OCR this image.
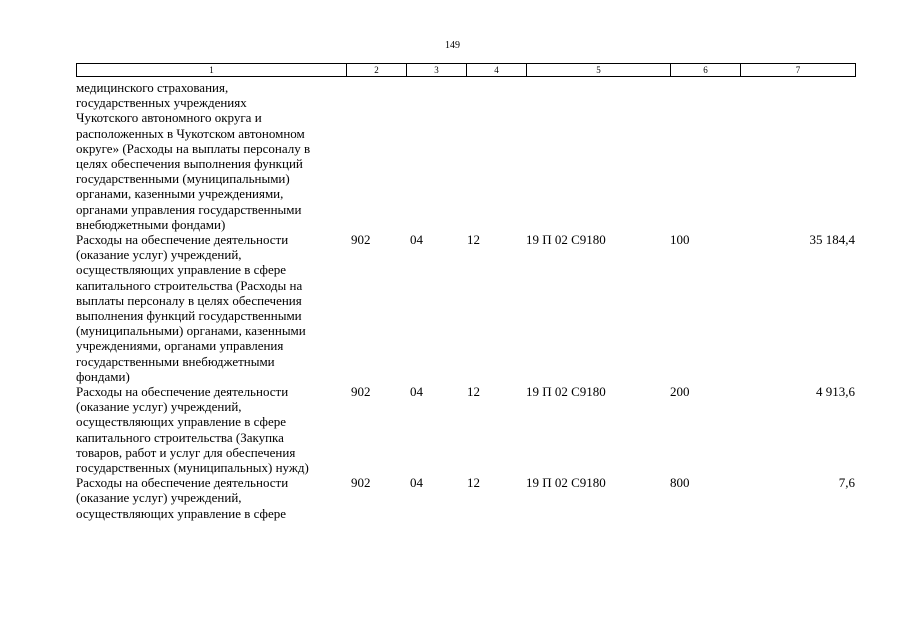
149
1	2	3	4	5	6	7
медицинского страхования,
государственных учреждениях
Чукотского автономного округа и
расположенных в Чукотском автономном
округе» (Расходы на выплаты персоналу в
целях обеспечения выполнения функций
государственными (муниципальными)
органами, казенными учреждениями,
органами управления государственными
внебюджетными фондами)
Расходы на обеспечение деятельности
(оказание услуг) учреждений,
осуществляющих управление в сфере
капитального строительства (Расходы на
выплаты персоналу в целях обеспечения
выполнения функций государственными
(муниципальными) органами, казенными
учреждениями, органами управления
государственными внебюджетными
фондами)
902	04	12	19 П 02 С9180	100	35 184,4
Расходы на обеспечение деятельности
(оказание услуг) учреждений,
осуществляющих управление в сфере
капитального строительства (Закупка
товаров, работ и услуг для обеспечения
государственных (муниципальных) нужд)
902	04	12	19 П 02 С9180	200	4 913,6
Расходы на обеспечение деятельности
(оказание услуг) учреждений,
осуществляющих управление в сфере
902	04	12	19 П 02 С9180	800	7,6
